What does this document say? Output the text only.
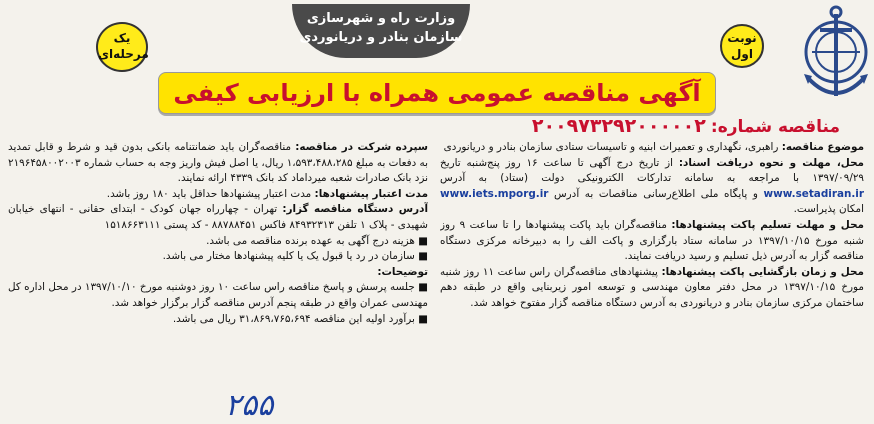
وزارت راه و شهرسازی
سازمان بنادر و دریانوردی	نوبت
اول
یک
مرحله‌ای
آگهی مناقصه عمومی همراه با ارزیابی کیفی
مناقصه شماره: ۲۰۰۹۷۳۲۹۲۰۰۰۰۰۲

موضوع مناقصه: راهبری، نگهداری و تعمیرات ابنیه و تاسیسات ستادی سازمان بنادر و دریانوردی

محل، مهلت و نحوه دریافت اسناد: از تاریخ درج آگهی تا ساعت ۱۶ روز پنج‌شنبه تاریخ ۱۳۹۷/۰۹/۲۹ با مراجعه به سامانه تدارکات الکترونیکی دولت (ستاد) به آدرس www.setadiran.ir و پایگاه ملی اطلاع‌رسانی مناقصات به آدرس www.iets.mporg.ir امکان پذیراست.

محل و مهلت تسلیم پاکت پیشنهادها: مناقصه‌گران باید پاکت پیشنهادها را تا ساعت ۹ روز شنبه مورخ ۱۳۹۷/۱۰/۱۵ در سامانه ستاد بارگزاری و پاکت الف را به دبیرخانه مرکزی دستگاه مناقصه گزار به آدرس ذیل تسلیم و رسید دریافت نمایند.

محل و زمان بازگشایی پاکت پیشنهادها: پیشنهادهای مناقصه‌گران راس ساعت ۱۱ روز شنبه مورخ ۱۳۹۷/۱۰/۱۵ در محل دفتر معاون مهندسی و توسعه امور زیربنایی واقع در طبقه دهم ساختمان مرکزی سازمان بنادر و دریانوردی به آدرس دستگاه مناقصه گزار مفتوح خواهد شد.

سپرده شرکت در مناقصه: مناقصه‌گران باید ضمانتنامه بانکی بدون قید و شرط و قابل تمدید به دفعات به مبلغ ۱،۵۹۳،۴۸۸،۲۸۵ ریال، یا اصل فیش واریز وجه به حساب شماره ۲۱۹۶۴۵۸۰۰۲۰۰۳ نزد بانک صادرات شعبه میرداماد کد بانک ۴۳۳۹ ارائه نمایند.

مدت اعتبار پیشنهادها: مدت اعتبار پیشنهادها حداقل باید ۱۸۰ روز باشد.

آدرس دستگاه مناقصه گزار: تهران - چهارراه جهان کودک - ابتدای حقانی - انتهای خیابان شهیدی - پلاک ۱ تلفن ۸۴۹۳۲۳۱۳ فاکس ۸۸۷۸۸۴۵۱ - کد پستی ۱۵۱۸۶۶۳۱۱۱

■ هزینه درج آگهی به عهده برنده مناقصه می باشد.
■ سازمان در رد یا قبول یک یا کلیه پیشنهادها مختار می باشد.
توضیحات:
■ جلسه پرسش و پاسخ مناقصه راس ساعت ۱۰ روز دوشنبه مورخ ۱۳۹۷/۱۰/۱۰ در محل اداره کل مهندسی عمران واقع در طبقه پنجم آدرس مناقصه گزار برگزار خواهد شد.
■ برآورد اولیه این مناقصه ۳۱،۸۶۹،۷۶۵،۶۹۴ ریال می باشد.
۲۵۵
